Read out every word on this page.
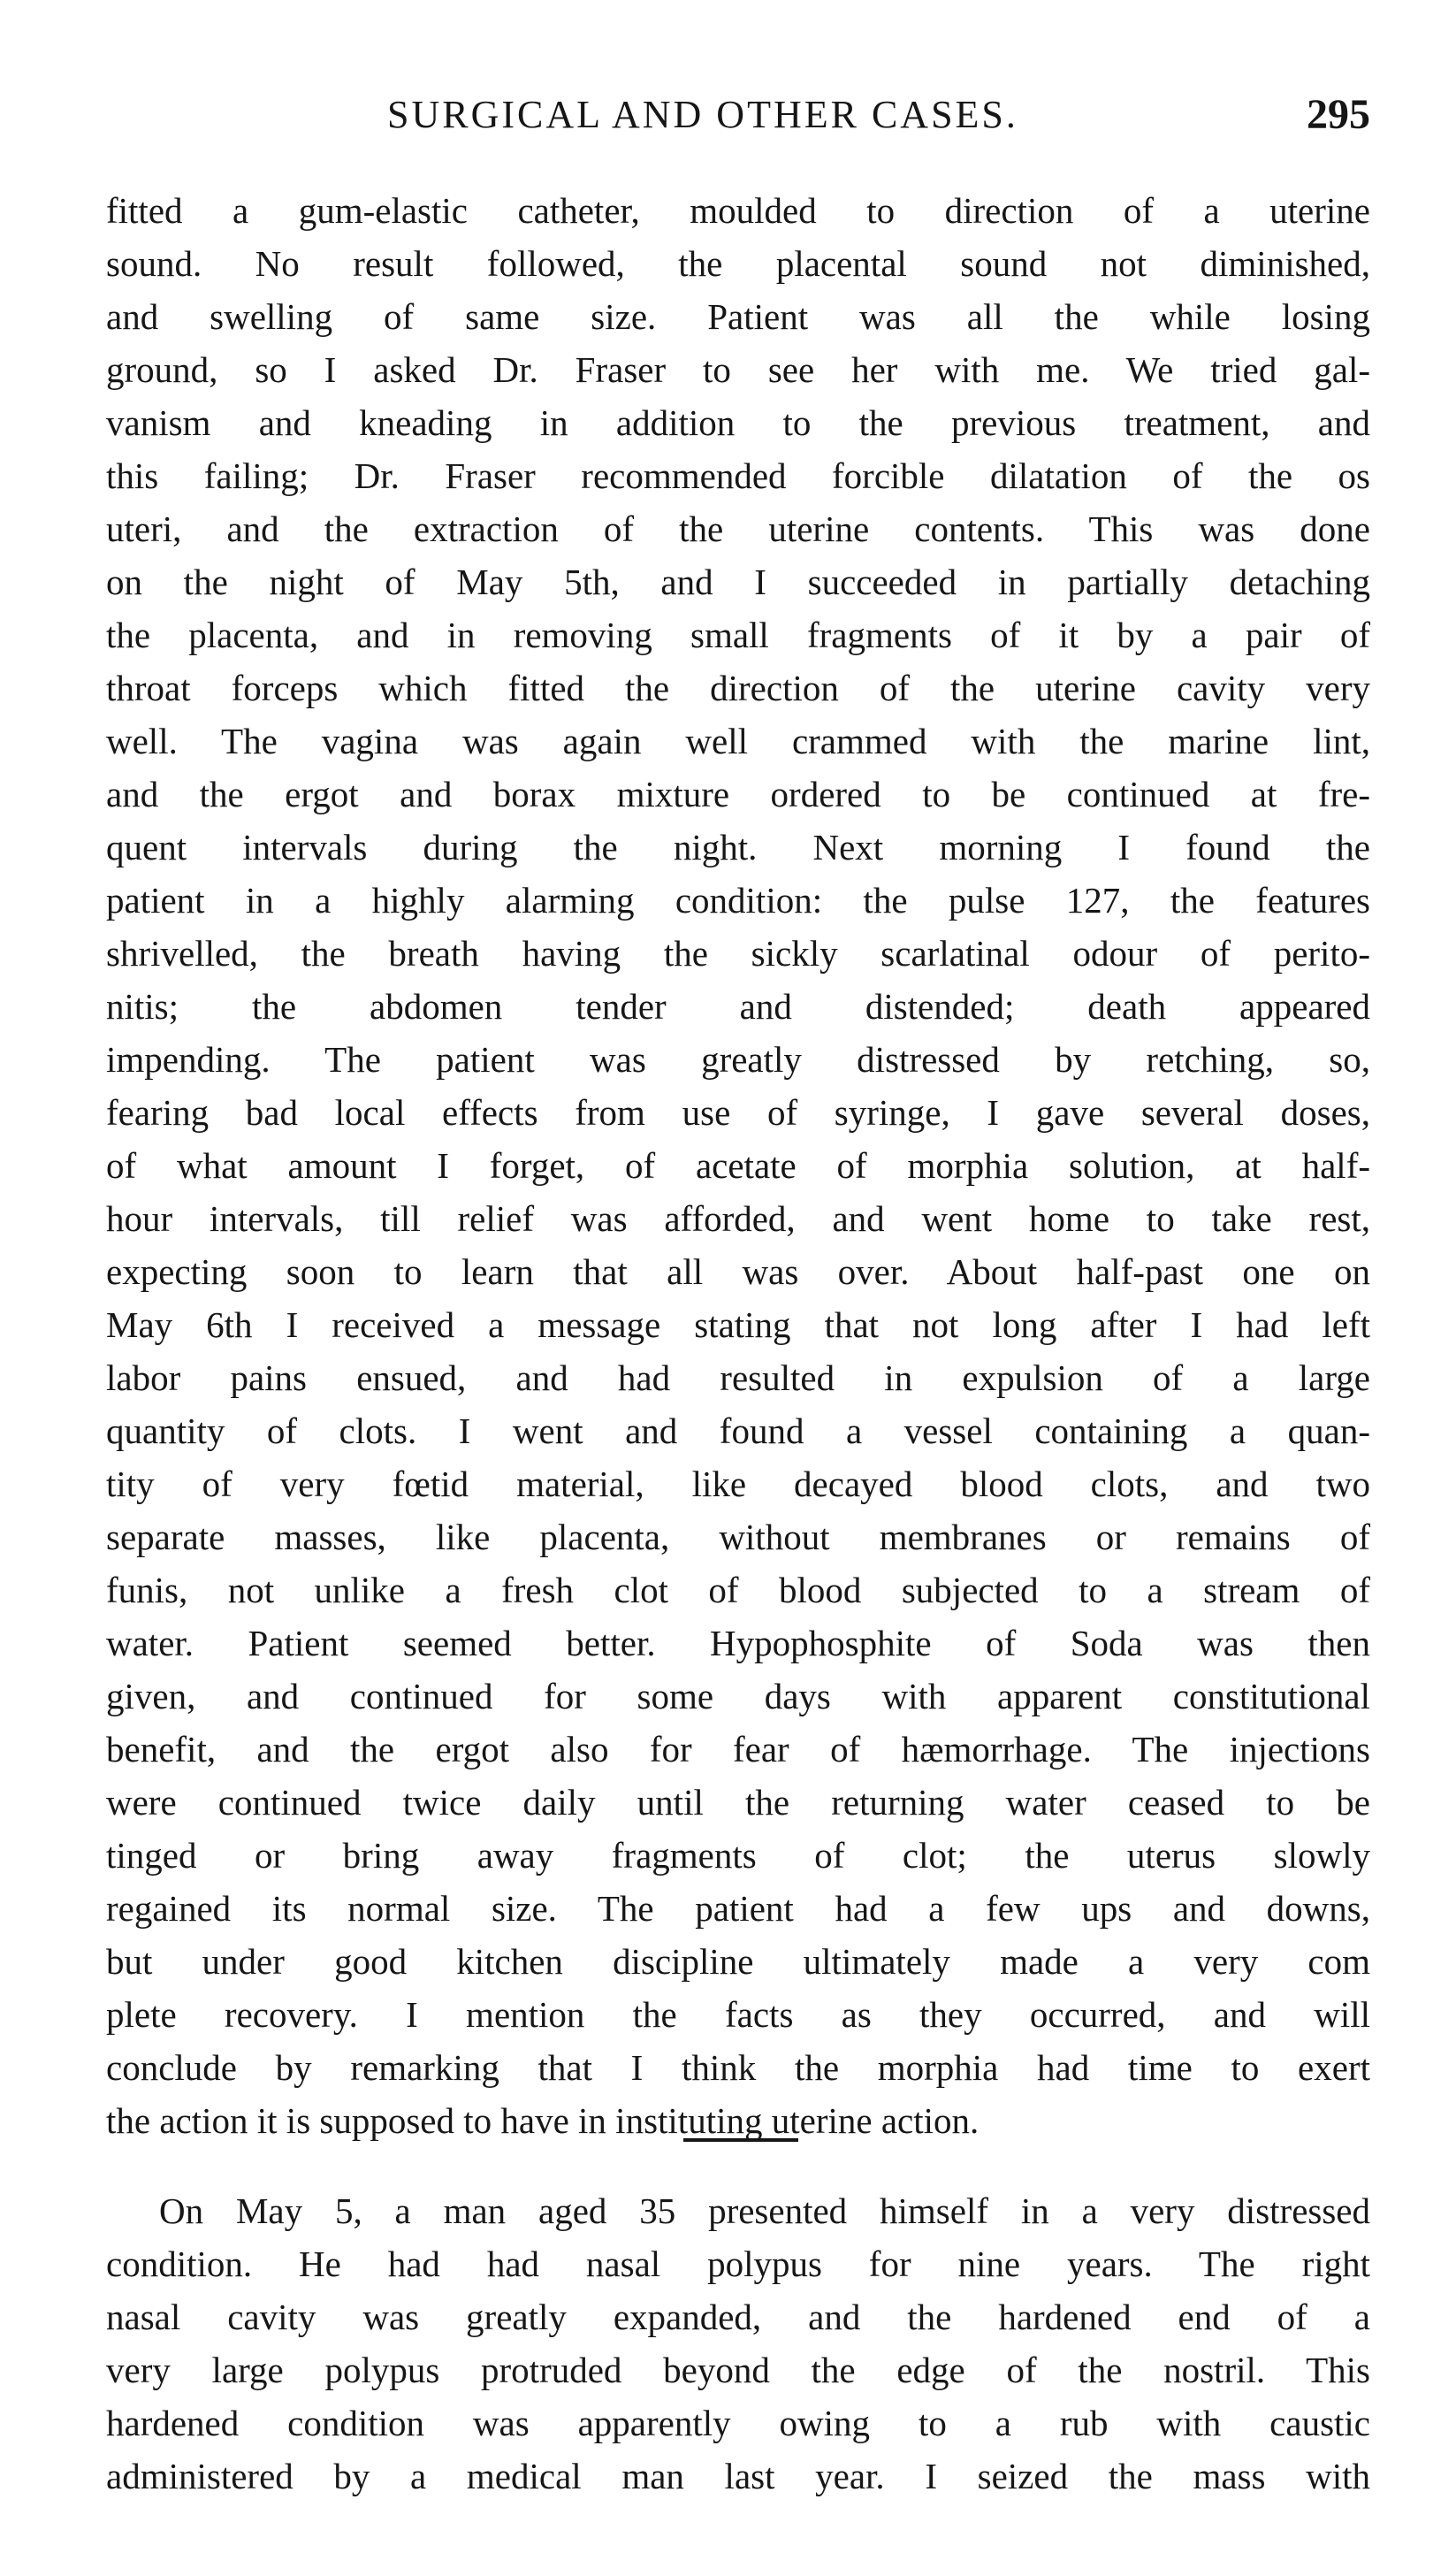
SURGICAL AND OTHER CASES.	295
fitted a gum-elastic catheter, moulded to direction of a uterine
sound. No result followed, the placental sound not diminished,
and swelling of same size. Patient was all the while losing
ground, so I asked Dr. Fraser to see her with me. We tried gal-
vanism and kneading in addition to the previous treatment, and
this failing; Dr. Fraser recommended forcible dilatation of the os
uteri, and the extraction of the uterine contents. This was done
on the night of May 5th, and I succeeded in partially detaching
the placenta, and in removing small fragments of it by a pair of
throat forceps which fitted the direction of the uterine cavity very
well. The vagina was again well crammed with the marine lint,
and the ergot and borax mixture ordered to be continued at fre-
quent intervals during the night. Next morning I found the
patient in a highly alarming condition: the pulse 127, the features
shrivelled, the breath having the sickly scarlatinal odour of perito-
nitis; the abdomen tender and distended; death appeared
impending. The patient was greatly distressed by retching, so,
fearing bad local effects from use of syringe, I gave several doses,
of what amount I forget, of acetate of morphia solution, at half-
hour intervals, till relief was afforded, and went home to take rest,
expecting soon to learn that all was over. About half-past one on
May 6th I received a message stating that not long after I had left
labor pains ensued, and had resulted in expulsion of a large
quantity of clots. I went and found a vessel containing a quan-
tity of very fœtid material, like decayed blood clots, and two
separate masses, like placenta, without membranes or remains of
funis, not unlike a fresh clot of blood subjected to a stream of
water. Patient seemed better. Hypophosphite of Soda was then
given, and continued for some days with apparent constitutional
benefit, and the ergot also for fear of hæmorrhage. The injections
were continued twice daily until the returning water ceased to be
tinged or bring away fragments of clot; the uterus slowly
regained its normal size. The patient had a few ups and downs,
but under good kitchen discipline ultimately made a very com
plete recovery. I mention the facts as they occurred, and will
conclude by remarking that I think the morphia had time to exert
the action it is supposed to have in instituting uterine action.
On May 5, a man aged 35 presented himself in a very distressed
condition. He had had nasal polypus for nine years. The right
nasal cavity was greatly expanded, and the hardened end of a
very large polypus protruded beyond the edge of the nostril. This
hardened condition was apparently owing to a rub with caustic
administered by a medical man last year. I seized the mass with
